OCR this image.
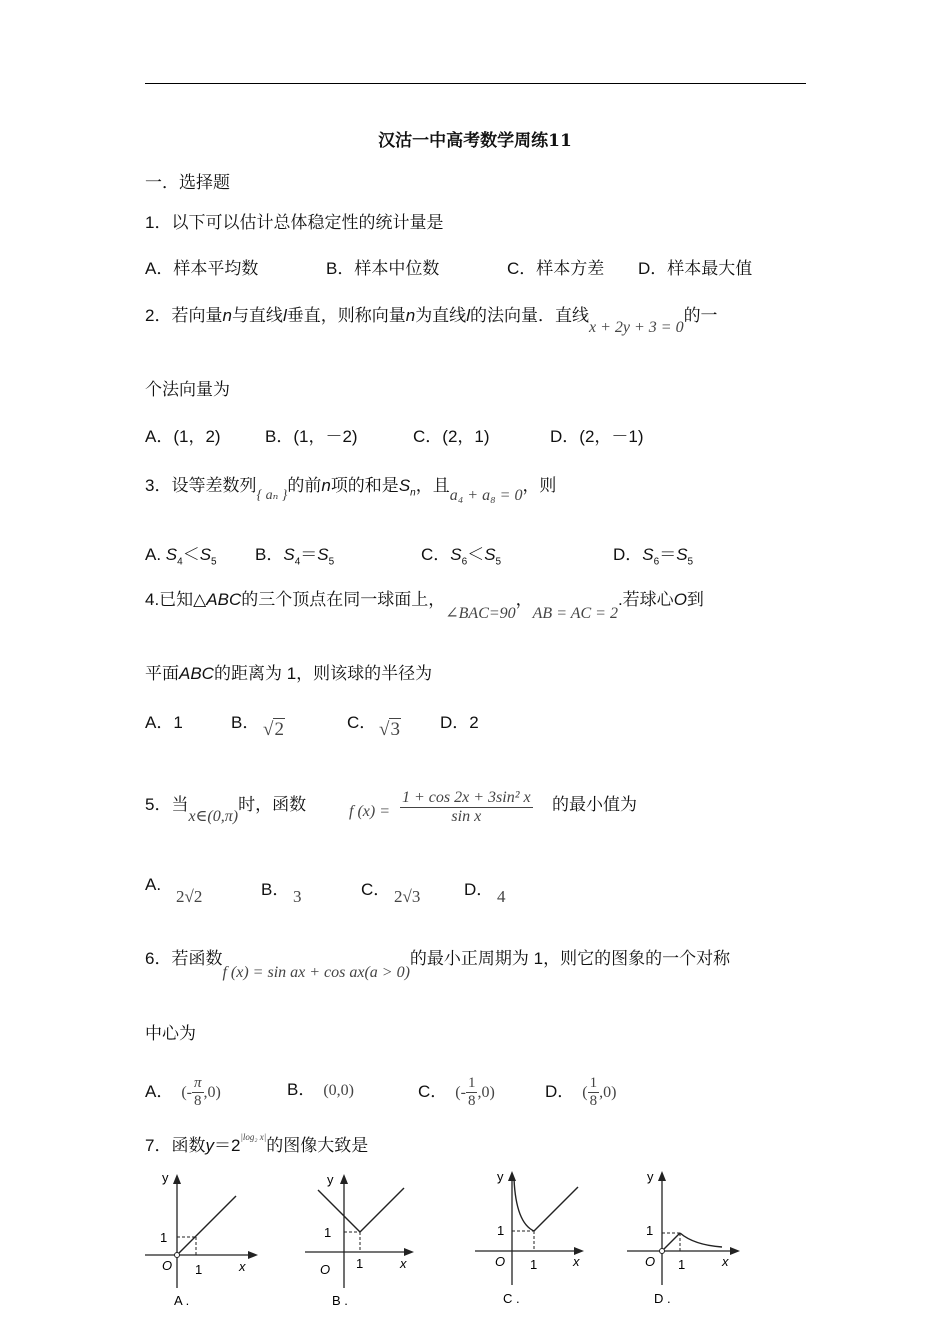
汉沽一中高考数学周练11
一．选择题
1．以下可以估计总体稳定性的统计量是
A．样本平均数	B．样本中位数	C．样本方差 D．样本最大值
2．若向量n与直线l垂直，则称向量n为直线l的法向量．直线x + 2y + 3 = 0的一
个法向量为
A．(1，2)	B．(1，－2)	C．(2，1)	D．(2，－1)
3．设等差数列$_{\{ a_n \}}$的前n项的和是$S_n$，且a₄ + a₈ = 0，则
A. $S_4<S_5$ B．$S_4=S_5$	C．$S_6<S_5$	D．$S_6=S_5$
4.已知△ABC的三个顶点在同一球面上，∠BAC=90，AB = AC = 2.若球心O到
平面ABC的距离为 1，则该球的半径为
A．1	B． √2	C． √3 D．2
5．当x∈(0,π)时，函数	f $(x) = \frac{\text{1 + cos 2x + 3sin² x}}{\text{sin x}}$ 的最小值为
A.
2√2	B． 3	C． 2√3	D． 4
6．若函数f (x) = sin ax + cos ax(a > 0)的最小正周期为 1，则它的图象的一个对称
中心为
A． (- $\frac{\pi}{8} ,0$)	B． (0,0)	C． (- $\frac{1}{8} ,0$)	D． ( $\frac{1}{8} ,0$)
7．函数$y=2^{|log_2 x|}$的图像大致是
y
1
O 1	x
A .
y
1
O 1	x
B .
y
1
O 1	x
C .
y
1
O 1	x
D .
